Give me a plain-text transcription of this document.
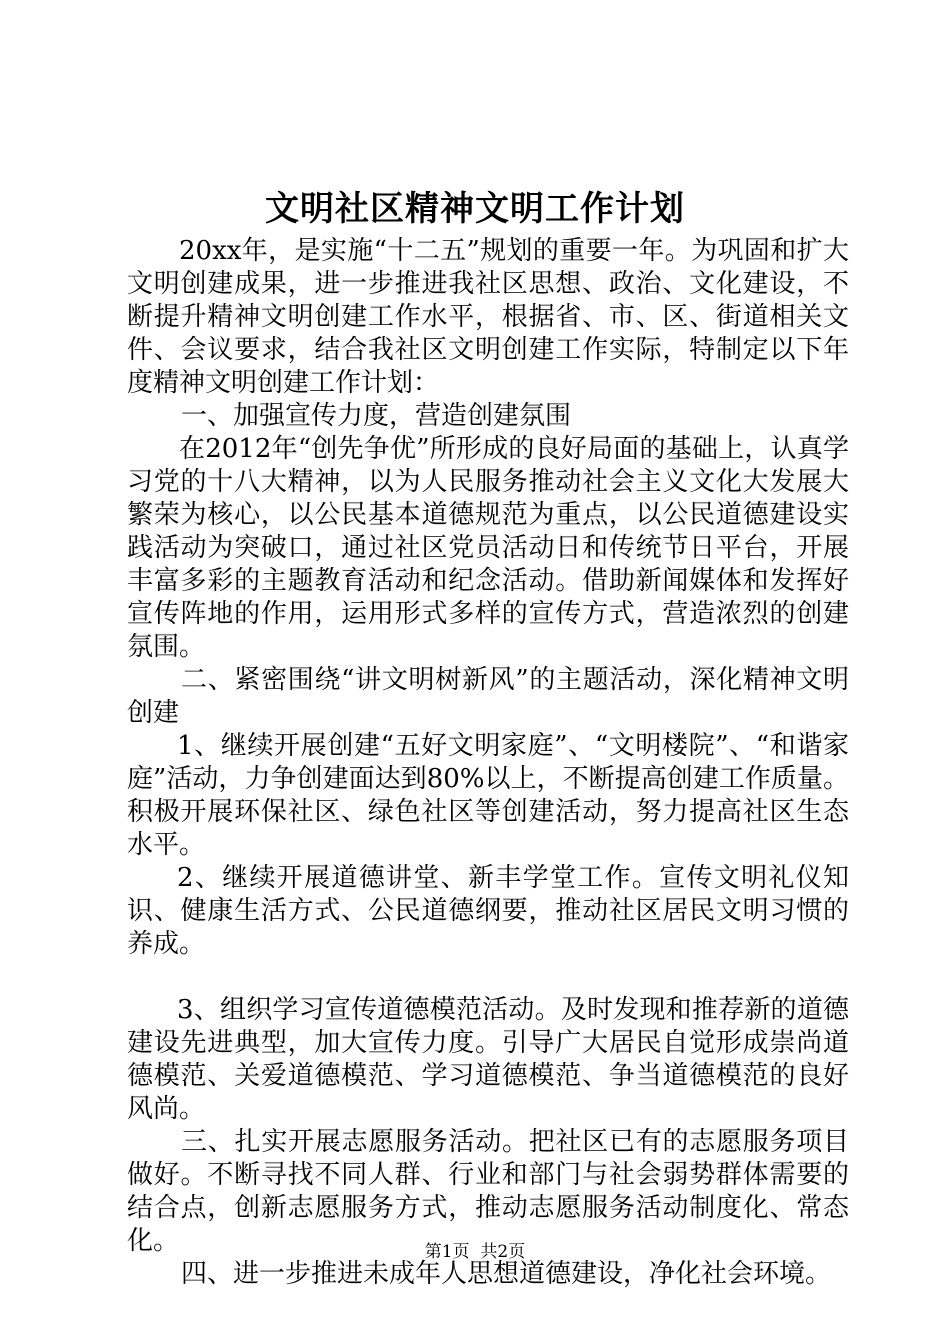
文明社区精神文明工作计划

20xx年，是实施“十二五”规划的重要一年。为巩固和扩大文明创建成果，进一步推进我社区思想、政治、文化建设，不断提升精神文明创建工作水平，根据省、市、区、街道相关文件、会议要求，结合我社区文明创建工作实际，特制定以下年度精神文明创建工作计划：

一、加强宣传力度，营造创建氛围

在2012年“创先争优”所形成的良好局面的基础上，认真学习党的十八大精神，以为人民服务推动社会主义文化大发展大繁荣为核心，以公民基本道德规范为重点，以公民道德建设实践活动为突破口，通过社区党员活动日和传统节日平台，开展丰富多彩的主题教育活动和纪念活动。借助新闻媒体和发挥好宣传阵地的作用，运用形式多样的宣传方式，营造浓烈的创建氛围。

二、紧密围绕“讲文明树新风”的主题活动，深化精神文明创建

1、继续开展创建“五好文明家庭”、“文明楼院”、“和谐家庭”活动，力争创建面达到80%以上，不断提高创建工作质量。积极开展环保社区、绿色社区等创建活动，努力提高社区生态水平。

2、继续开展道德讲堂、新丰学堂工作。宣传文明礼仪知识、健康生活方式、公民道德纲要，推动社区居民文明习惯的养成。

3、组织学习宣传道德模范活动。及时发现和推荐新的道德建设先进典型，加大宣传力度。引导广大居民自觉形成崇尚道德模范、关爱道德模范、学习道德模范、争当道德模范的良好风尚。

三、扎实开展志愿服务活动。把社区已有的志愿服务项目做好。不断寻找不同人群、行业和部门与社会弱势群体需要的结合点，创新志愿服务方式，推动志愿服务活动制度化、常态化。

四、进一步推进未成年人思想道德建设，净化社会环境。

第1页 共2页
